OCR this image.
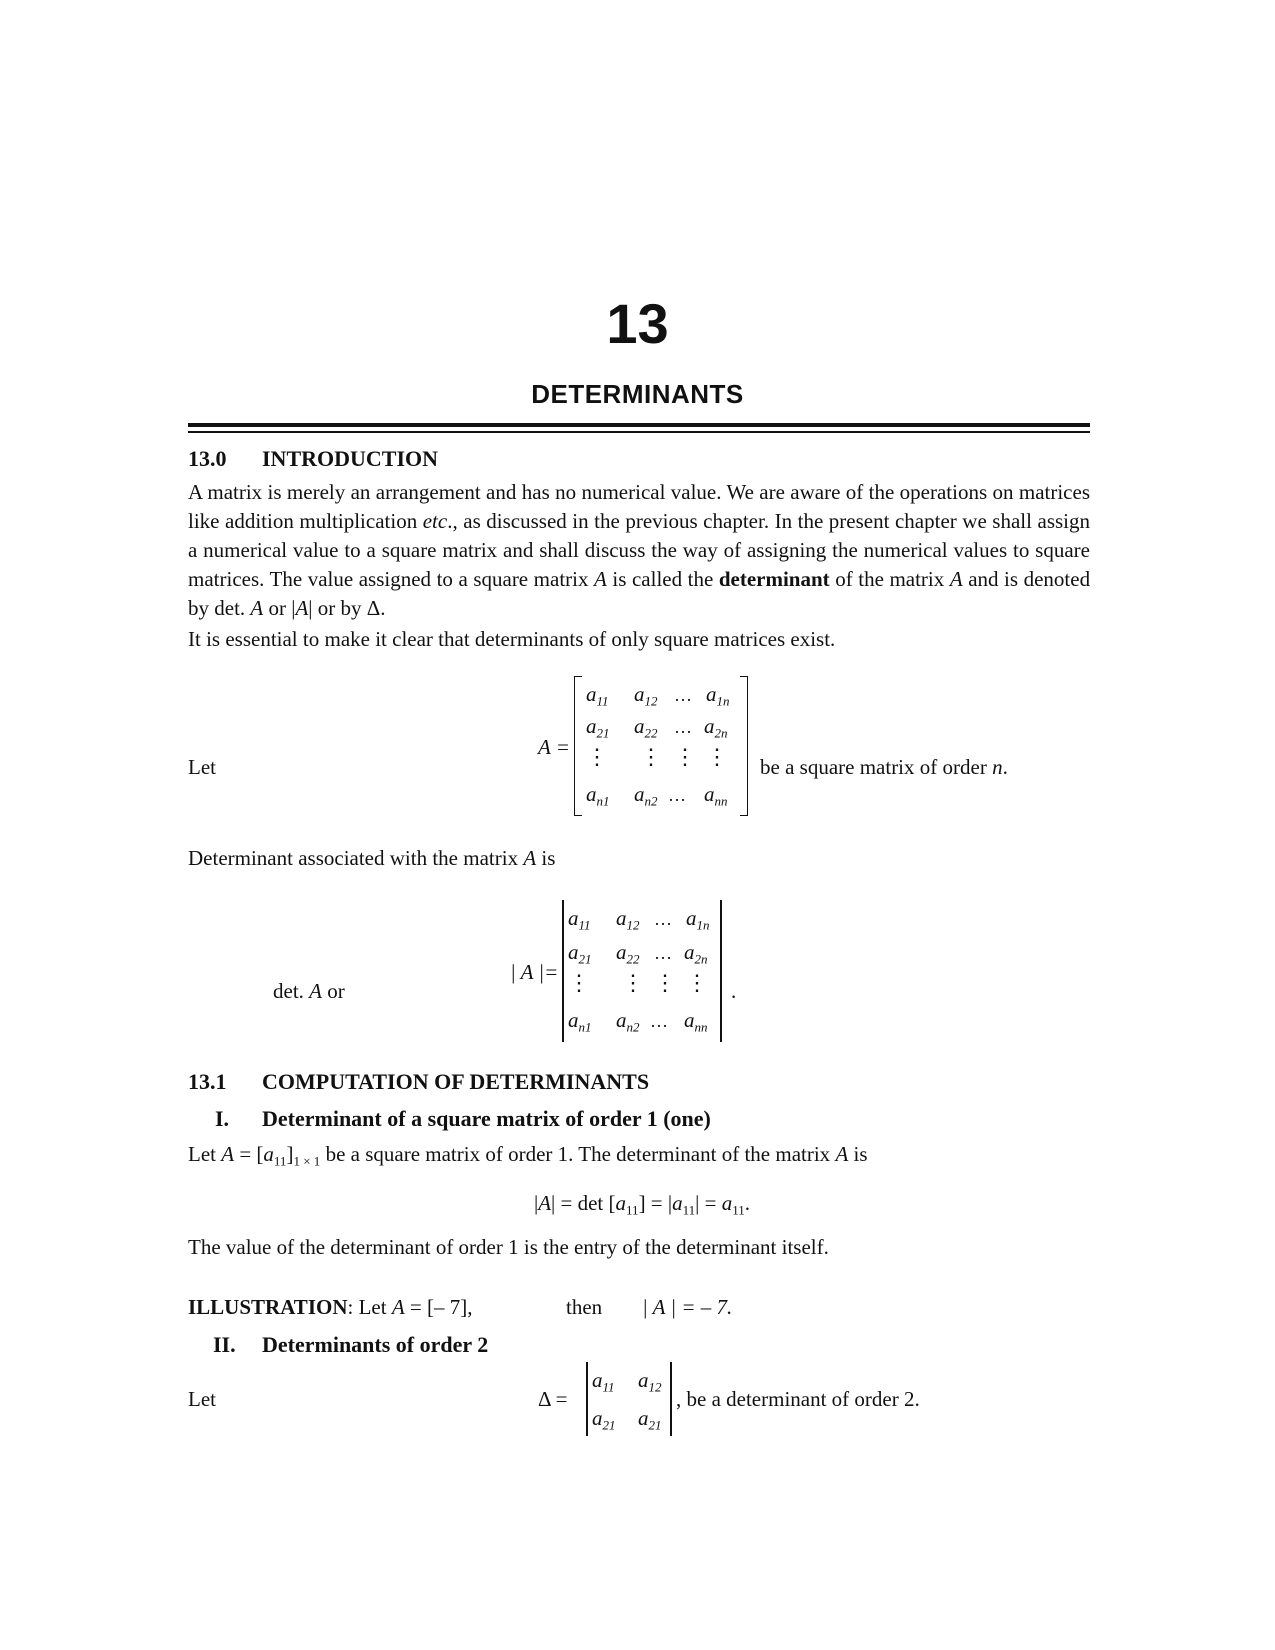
13
DETERMINANTS
13.0 INTRODUCTION

A matrix is merely an arrangement and has no numerical value. We are aware of the operations on matrices like addition multiplication etc., as discussed in the previous chapter. In the present chapter we shall assign a numerical value to a square matrix and shall discuss the way of assigning the numerical values to square matrices. The value assigned to a square matrix A is called the determinant of the matrix A and is denoted by det. A or |A| or by Δ.

It is essential to make it clear that determinants of only square matrices exist.
Let
A =
$a_{11}$ $a_{12}$ … $a_{1n}$
$a_{21}$ $a_{22}$ … $a_{2n}$
⋮ ⋮ ⋮ ⋮
$a_{n1}$ $a_{n2}$ … $a_{nn}$
be a square matrix of order n.
Determinant associated with the matrix A is
det. A or
| A |=
$a_{11}$ $a_{12}$ … $a_{1n}$
$a_{21}$ $a_{22}$ … $a_{2n}$
⋮ ⋮ ⋮ ⋮
$a_{n1}$ $a_{n2}$ … $a_{nn}$
.
13.1 COMPUTATION OF DETERMINANTS
I. Determinant of a square matrix of order 1 (one)
Let $A = [a_{11}]_{1 \times 1}$ be a square matrix of order 1. The determinant of the matrix A is
$|A| = \det [a_{11}] = |a_{11}| = a_{11}$.
The value of the determinant of order 1 is the entry of the determinant itself.
ILLUSTRATION: Let A = [– 7],	then | A | = – 7.
II. Determinants of order 2
Let	Δ =
$a_{11}$ $a_{12}$
$a_{21}$ $a_{21}$
, be a determinant of order 2.
